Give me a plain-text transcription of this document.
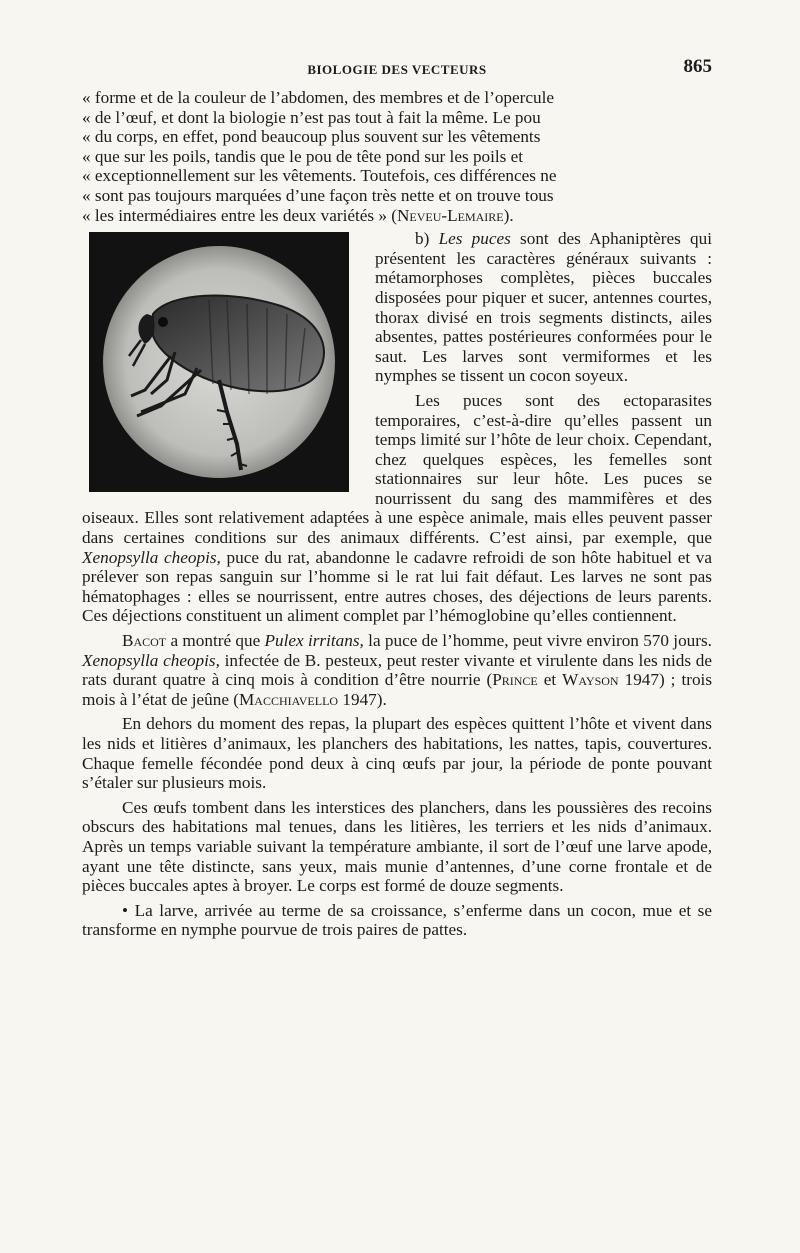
BIOLOGIE DES VECTEURS	865

« forme et de la couleur de l’abdomen, des membres et de l’opercule
« de l’œuf, et dont la biologie n’est pas tout à fait la même. Le pou
« du corps, en effet, pond beaucoup plus souvent sur les vêtements
« que sur les poils, tandis que le pou de tête pond sur les poils et
« exceptionnellement sur les vêtements. Toutefois, ces différences ne
« sont pas toujours marquées d’une façon très nette et on trouve tous
« les intermédiaires entre les deux variétés » (Neveu-Lemaire).

b) Les puces sont des Aphaniptères qui présentent les caractères généraux suivants : métamorphoses complètes, pièces buccales disposées pour piquer et sucer, antennes courtes, thorax divisé en trois segments distincts, ailes absentes, pattes postérieures conformées pour le saut. Les larves sont vermiformes et les nymphes se tissent un cocon soyeux.

Les puces sont des ectoparasites temporaires, c’est-à-dire qu’elles passent un temps limité sur l’hôte de leur choix. Cependant, chez quelques espèces, les femelles sont stationnaires sur leur hôte. Les puces se nourrissent du sang des mammifères et des oiseaux. Elles sont relativement adaptées à une espèce animale, mais elles peuvent passer dans certaines conditions sur des animaux différents. C’est ainsi, par exemple, que Xenopsylla cheopis, puce du rat, abandonne le cadavre refroidi de son hôte habituel et va prélever son repas sanguin sur l’homme si le rat lui fait défaut. Les larves ne sont pas hématophages : elles se nourrissent, entre autres choses, des déjections de leurs parents. Ces déjections constituent un aliment complet par l’hémoglobine qu’elles contiennent.

Bacot a montré que Pulex irritans, la puce de l’homme, peut vivre environ 570 jours. Xenopsylla cheopis, infectée de B. pesteux, peut rester vivante et virulente dans les nids de rats durant quatre à cinq mois à condition d’être nourrie (Prince et Wayson 1947) ; trois mois à l’état de jeûne (Macchiavello 1947).

En dehors du moment des repas, la plupart des espèces quittent l’hôte et vivent dans les nids et litières d’animaux, les planchers des habitations, les nattes, tapis, couvertures. Chaque femelle fécondée pond deux à cinq œufs par jour, la période de ponte pouvant s’étaler sur plusieurs mois.

Ces œufs tombent dans les interstices des planchers, dans les poussières des recoins obscurs des habitations mal tenues, dans les litières, les terriers et les nids d’animaux. Après un temps variable suivant la température ambiante, il sort de l’œuf une larve apode, ayant une tête distincte, sans yeux, mais munie d’antennes, d’une corne frontale et de pièces buccales aptes à broyer. Le corps est formé de douze segments.

• La larve, arrivée au terme de sa croissance, s’enferme dans un cocon, mue et se transforme en nymphe pourvue de trois paires de pattes.
